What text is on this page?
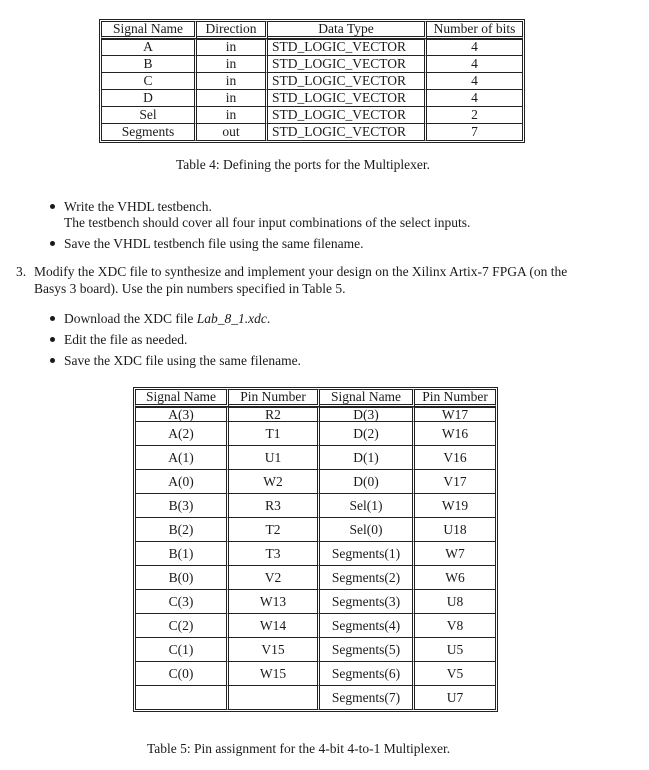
Signal Name	Direction	Data Type	Number of bits
A	in	STD_LOGIC_VECTOR	4
B	in	STD_LOGIC_VECTOR	4
C	in	STD_LOGIC_VECTOR	4
D	in	STD_LOGIC_VECTOR	4
Sel	in	STD_LOGIC_VECTOR	2
Segments	out	STD_LOGIC_VECTOR	7
Table 4: Defining the ports for the Multiplexer.
Write the VHDL testbench.
The testbench should cover all four input combinations of the select inputs.
Save the VHDL testbench file using the same filename.
3. Modify the XDC file to synthesize and implement your design on the Xilinx Artix-7 FPGA (on the
Basys 3 board). Use the pin numbers specified in Table 5.
Download the XDC file Lab_8_1.xdc.
Edit the file as needed.
Save the XDC file using the same filename.
Signal Name	Pin Number	Signal Name	Pin Number
A(3)	R2	D(3)	W17
A(2)	T1	D(2)	W16
A(1)	U1	D(1)	V16
A(0)	W2	D(0)	V17
B(3)	R3	Sel(1)	W19
B(2)	T2	Sel(0)	U18
B(1)	T3	Segments(1)	W7
B(0)	V2	Segments(2)	W6
C(3)	W13	Segments(3)	U8
C(2)	W14	Segments(4)	V8
C(1)	V15	Segments(5)	U5
C(0)	W15	Segments(6)	V5
		Segments(7)	U7
Table 5: Pin assignment for the 4-bit 4-to-1 Multiplexer.
